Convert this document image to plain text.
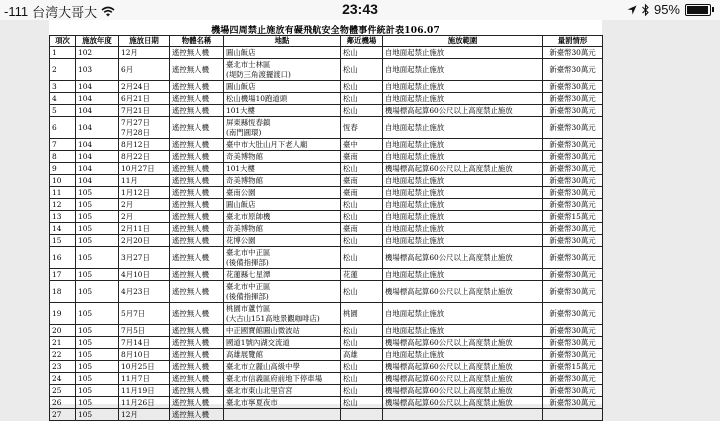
-111 台湾大哥大	23:43	95%
機場四周禁止施放有礙飛航安全物體事件統計表106.07
項次	施放年度	施放日期	物體名稱	地點	鄰近機場	施放範圍	量罰情形
1	102	12月	遙控無人機	圓山飯店	松山	自地面起禁止施放	新臺幣30萬元
2	103	6月	遙控無人機	臺北市士林區
(堤防三角渡擺渡口)	松山	自地面起禁止施放	新臺幣30萬元
3	104	2月24日	遙控無人機	圓山飯店	松山	自地面起禁止施放	新臺幣30萬元
4	104	6月21日	遙控無人機	松山機場10跑道頭	松山	自地面起禁止施放	新臺幣30萬元
5	104	7月21日	遙控無人機	101大樓	松山	機場標高起算60公尺以上高度禁止施放	新臺幣30萬元
6	104	7月27日
7月28日	遙控無人機	屏東縣恆春鎮
(南門圓環)	恆春	自地面起禁止施放	新臺幣30萬元
7	104	8月12日	遙控無人機	臺中市大肚山月下老人廟	臺中	自地面起禁止施放	新臺幣30萬元
8	104	8月22日	遙控無人機	奇美博物館	臺南	自地面起禁止施放	新臺幣30萬元
9	104	10月27日	遙控無人機	101大樓	松山	機場標高起算60公尺以上高度禁止施放	新臺幣30萬元
10	104	11月	遙控無人機	奇美博物館	臺南	自地面起禁止施放	新臺幣30萬元
11	105	1月12日	遙控無人機	臺南公園	臺南	自地面起禁止施放	新臺幣30萬元
12	105	2月	遙控無人機	圓山飯店	松山	自地面起禁止施放	新臺幣30萬元
13	105	2月	遙控無人機	臺北市原帥機	松山	自地面起禁止施放	新臺幣15萬元
14	105	2月11日	遙控無人機	奇美博物館	臺南	自地面起禁止施放	新臺幣30萬元
15	105	2月20日	遙控無人機	花博公園	松山	自地面起禁止施放	新臺幣30萬元
16	105	3月27日	遙控無人機	臺北市中正區
(後備指揮部)	松山	機場標高起算60公尺以上高度禁止施放	新臺幣30萬元
17	105	4月10日	遙控無人機	花蓮縣七星潭	花蓮	自地面起禁止施放	新臺幣30萬元
18	105	4月23日	遙控無人機	臺北市中正區
(後備指揮部)	松山	機場標高起算60公尺以上高度禁止施放	新臺幣30萬元
19	105	5月7日	遙控無人機	桃園市蘆竹區
(大古山151高地景觀咖啡店)	桃園	自地面起禁止施放	新臺幣30萬元
20	105	7月5日	遙控無人機	中正國寶館圓山微波站	松山	自地面起禁止施放	新臺幣30萬元
21	105	7月14日	遙控無人機	國道1號內湖交流道	松山	機場標高起算60公尺以上高度禁止施放	新臺幣30萬元
22	105	8月10日	遙控無人機	高雄展覽館	高雄	自地面起禁止施放	新臺幣30萬元
23	105	10月25日	遙控無人機	臺北市立麗山高級中學	松山	機場標高起算60公尺以上高度禁止施放	新臺幣15萬元
24	105	11月7日	遙控無人機	臺北市信義區府前地下停車場	松山	機場標高起算60公尺以上高度禁止施放	新臺幣30萬元
25	105	11月19日	遙控無人機	臺北市東山北里官宮	松山	機場標高起算60公尺以上高度禁止施放	新臺幣30萬元
26	105	11月26日	遙控無人機	臺北市寧夏夜市	松山	機場標高起算60公尺以上高度禁止施放	新臺幣30萬元
27	105	12月	遙控無人機				
